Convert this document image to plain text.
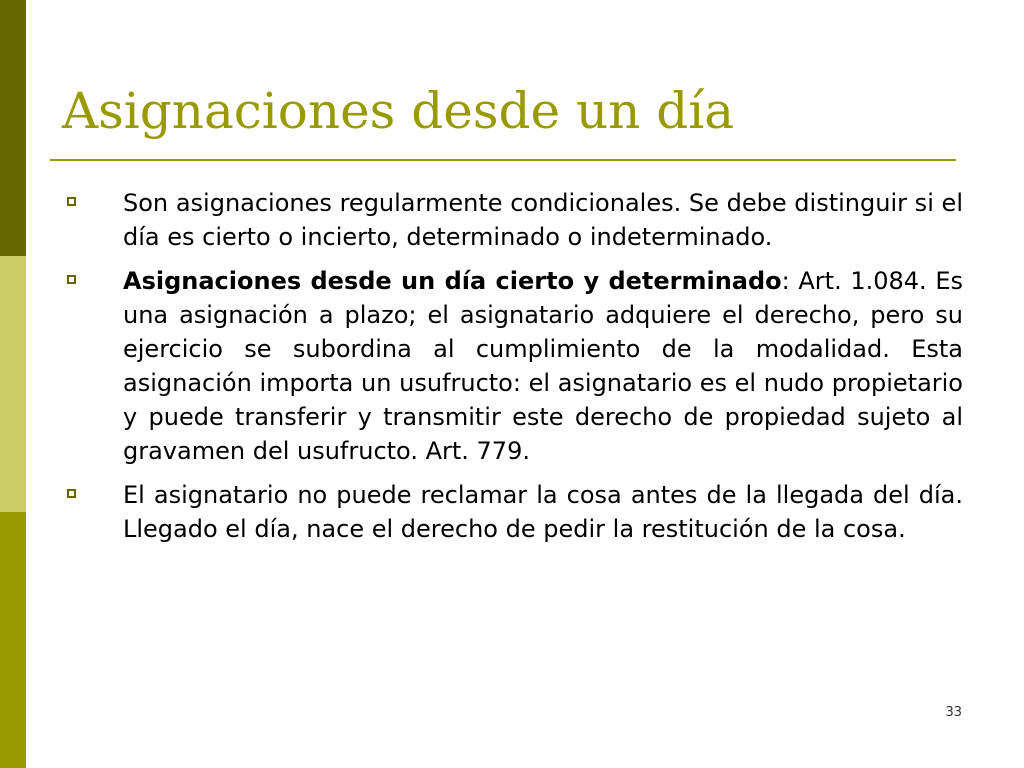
Asignaciones desde un día

Son asignaciones regularmente condicionales. Se debe distinguir si el día es cierto o incierto, determinado o indeterminado.

Asignaciones desde un día cierto y determinado: Art. 1.084. Es una asignación a plazo; el asignatario adquiere el derecho, pero su ejercicio se subordina al cumplimiento de la modalidad. Esta asignación importa un usufructo: el asignatario es el nudo propietario y puede transferir y transmitir este derecho de propiedad sujeto al gravamen del usufructo. Art. 779.

El asignatario no puede reclamar la cosa antes de la llegada del día. Llegado el día, nace el derecho de pedir la restitución de la cosa.

33
